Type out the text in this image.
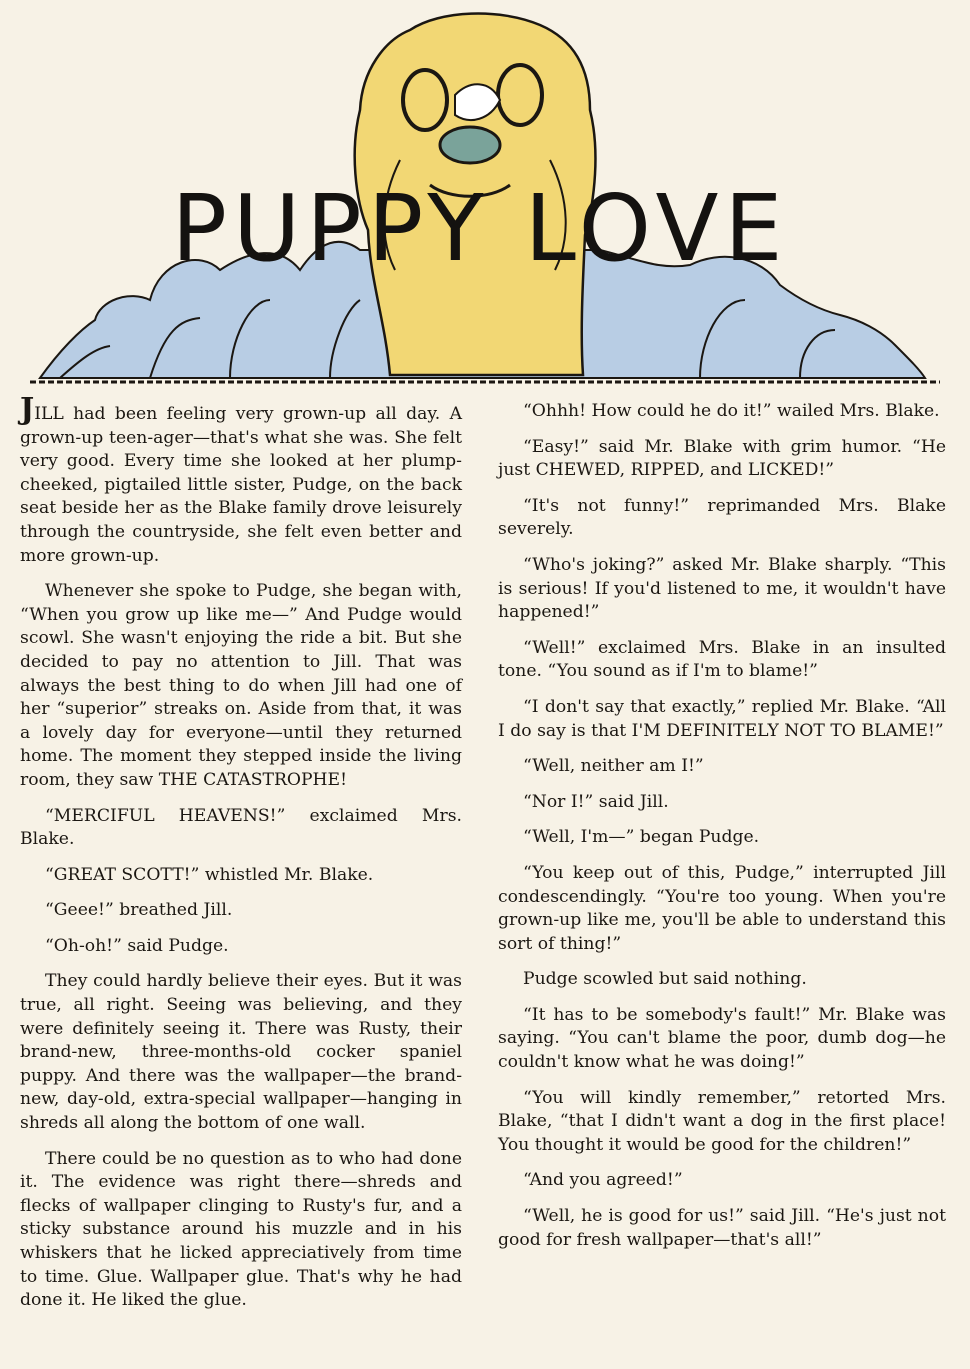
PUPPY LOVE

JILL had been feeling very grown-up all day. A grown-up teen-ager—that's what she was. She felt very good. Every time she looked at her plump-cheeked, pigtailed little sister, Pudge, on the back seat beside her as the Blake family drove leisurely through the countryside, she felt even better and more grown-up.

Whenever she spoke to Pudge, she began with, “When you grow up like me—” And Pudge would scowl. She wasn't enjoying the ride a bit. But she decided to pay no attention to Jill. That was always the best thing to do when Jill had one of her “superior” streaks on. Aside from that, it was a lovely day for everyone—until they returned home. The moment they stepped inside the living room, they saw THE CATASTROPHE!

“MERCIFUL HEAVENS!” exclaimed Mrs. Blake.

“GREAT SCOTT!” whistled Mr. Blake.

“Geee!” breathed Jill.

“Oh-oh!” said Pudge.

They could hardly believe their eyes. But it was true, all right. Seeing was believing, and they were definitely seeing it. There was Rusty, their brand-new, three-months-old cocker spaniel puppy. And there was the wallpaper—the brand-new, day-old, extra-special wallpaper—hanging in shreds all along the bottom of one wall.

There could be no question as to who had done it. The evidence was right there—shreds and flecks of wallpaper clinging to Rusty's fur, and a sticky substance around his muzzle and in his whiskers that he licked appreciatively from time to time. Glue. Wallpaper glue. That's why he had done it. He liked the glue.

“Ohhh! How could he do it!” wailed Mrs. Blake.

“Easy!” said Mr. Blake with grim humor. “He just CHEWED, RIPPED, and LICKED!”

“It's not funny!” reprimanded Mrs. Blake severely.

“Who's joking?” asked Mr. Blake sharply. “This is serious! If you'd listened to me, it wouldn't have happened!”

“Well!” exclaimed Mrs. Blake in an insulted tone. “You sound as if I'm to blame!”

“I don't say that exactly,” replied Mr. Blake. “All I do say is that I'M DEFINITELY NOT TO BLAME!”

“Well, neither am I!”

“Nor I!” said Jill.

“Well, I'm—” began Pudge.

“You keep out of this, Pudge,” interrupted Jill condescendingly. “You're too young. When you're grown-up like me, you'll be able to understand this sort of thing!”

Pudge scowled but said nothing.

“It has to be somebody's fault!” Mr. Blake was saying. “You can't blame the poor, dumb dog—he couldn't know what he was doing!”

“You will kindly remember,” retorted Mrs. Blake, “that I didn't want a dog in the first place! You thought it would be good for the children!”

“And you agreed!”

“Well, he is good for us!” said Jill. “He's just not good for fresh wallpaper—that's all!”
